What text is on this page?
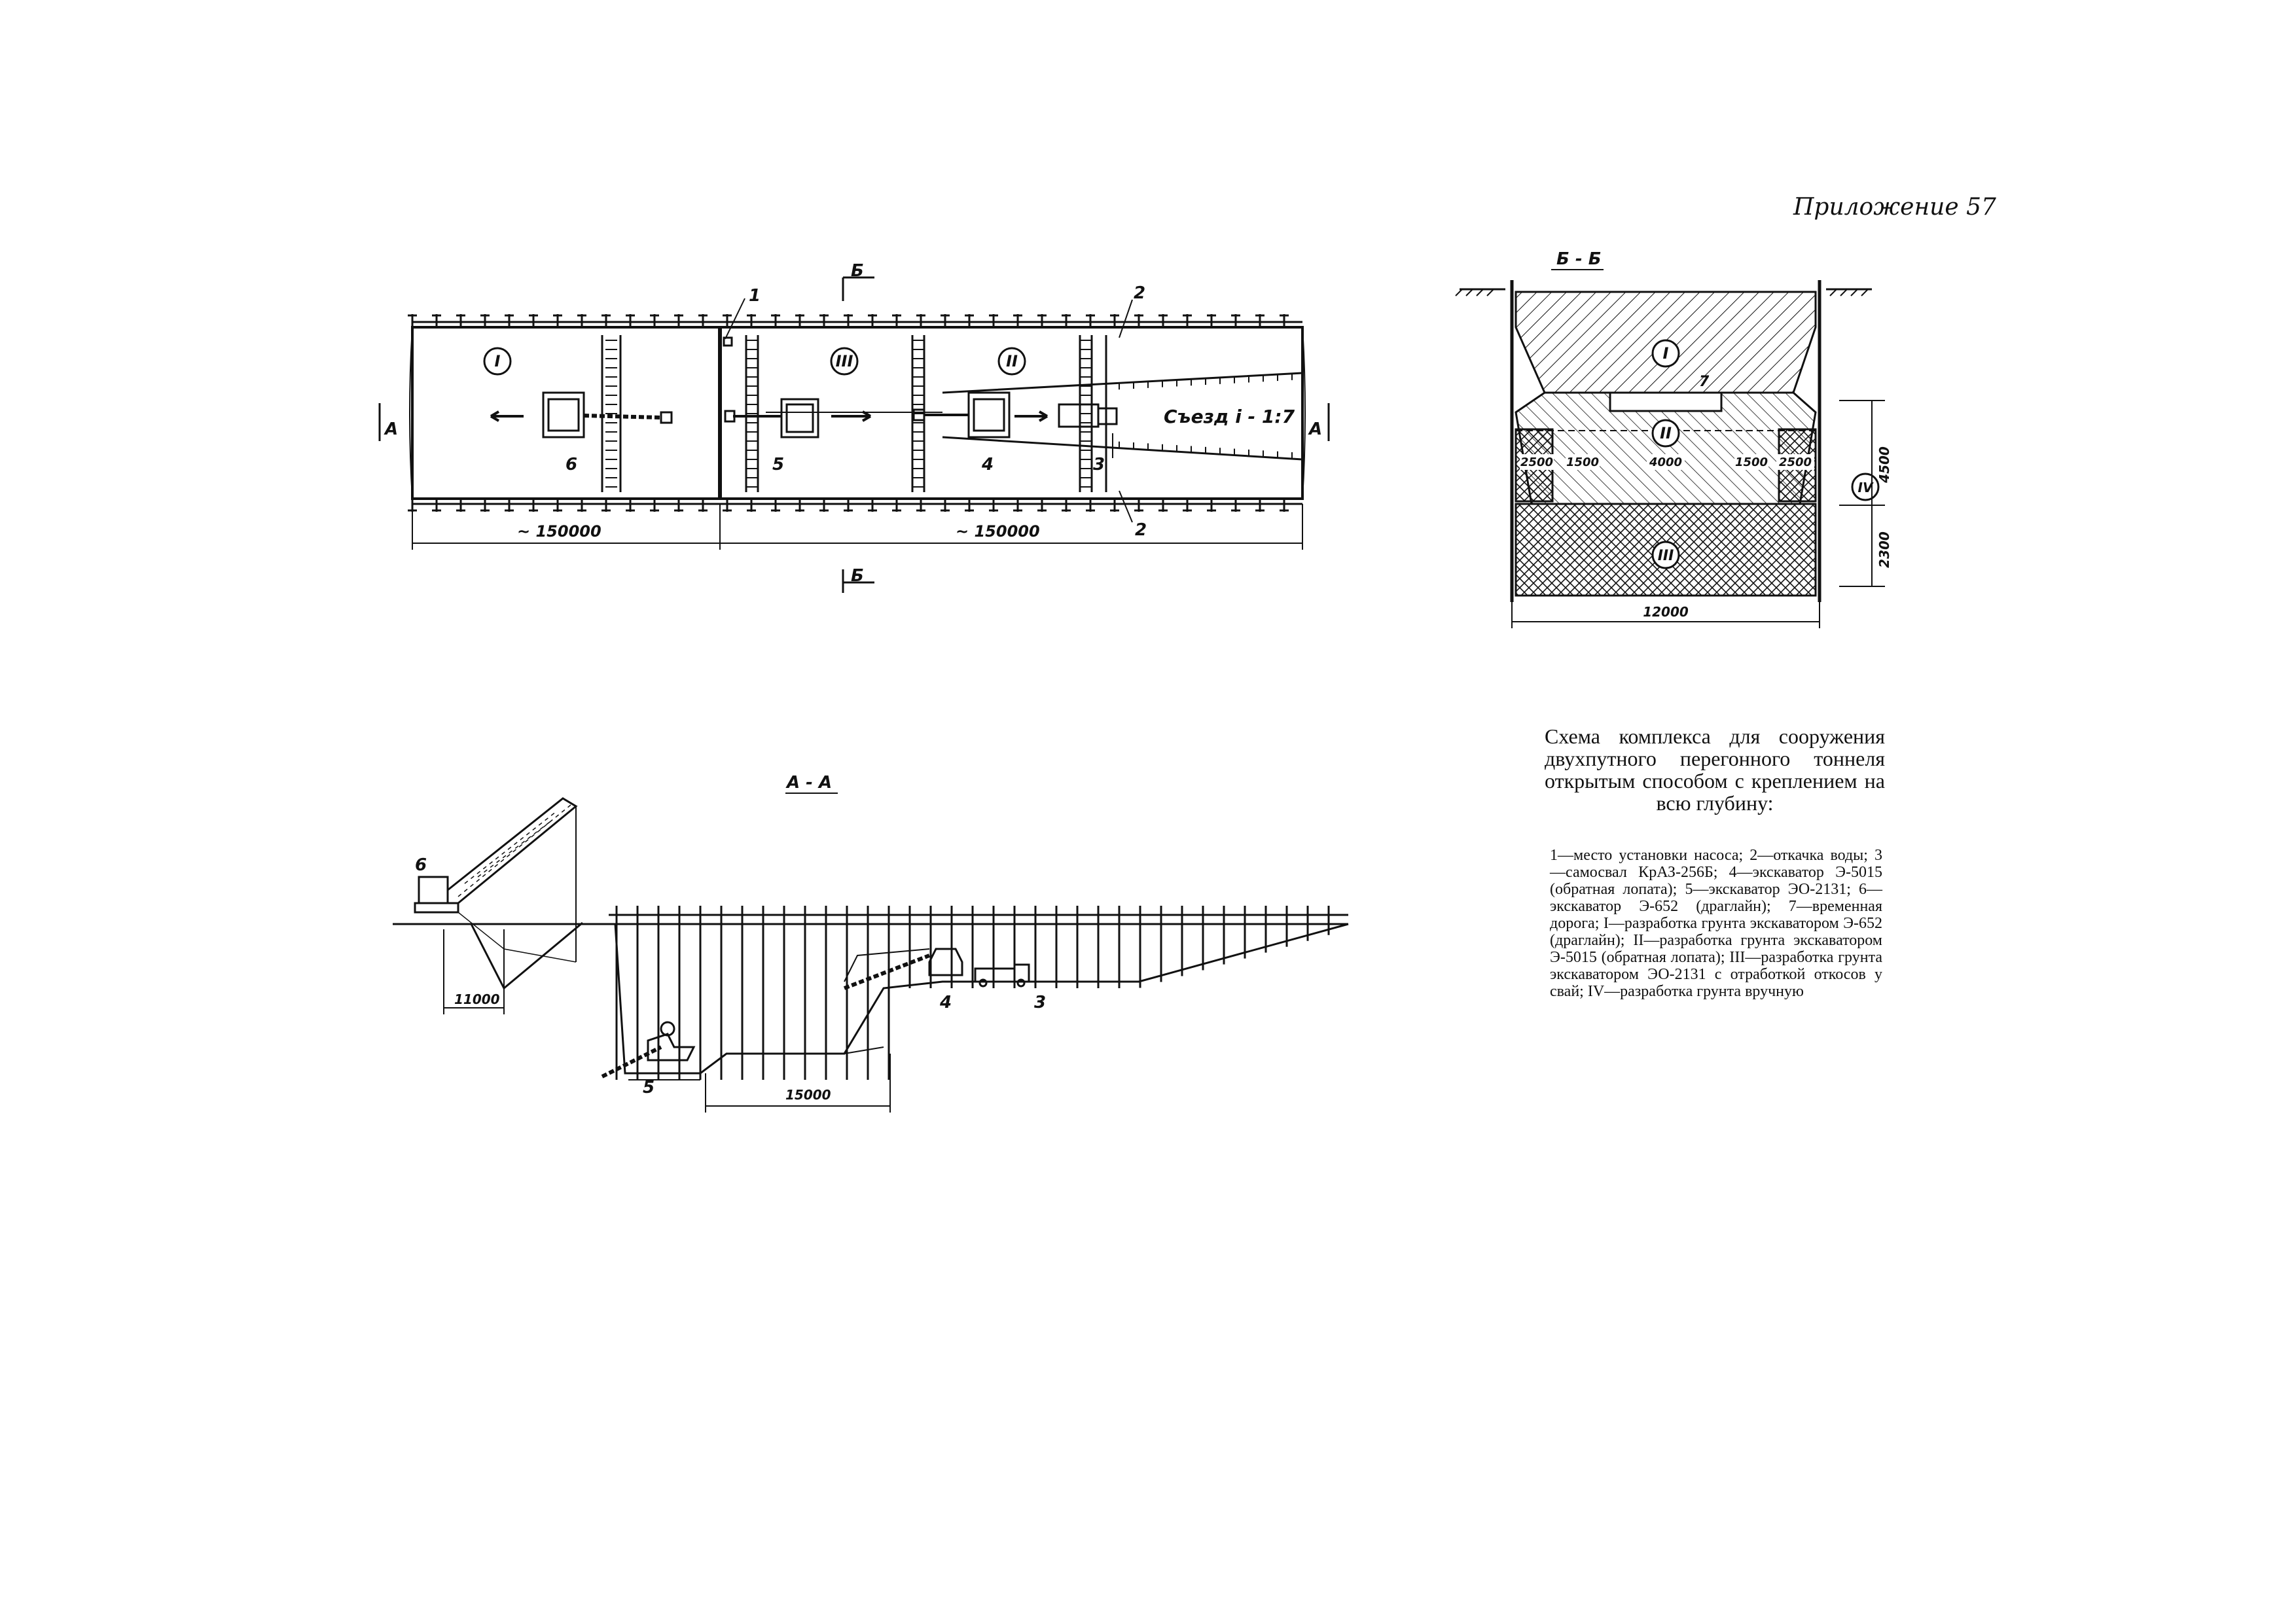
Приложение 57
I	III	II
1	2
2
3
4
5
6
Съезд i - 1:7
А	А
Б
Б
~ 150000	~ 150000
Б - Б
I
7
II
III
IV
2500 1500	4000	1500 2500	4500
2300
12000
А - А
6
5
4	3
11000
15000
Схема комплекса для сооружения двухпутного перегонного тоннеля открытым способом с креплением на всю глубину:
1—место установки насоса; 2—откачка воды; 3—самосвал КрАЗ-256Б; 4—экскаватор Э-5015 (обратная лопата); 5—экскаватор ЭО-2131; 6—экскаватор Э-652 (драглайн); 7—временная дорога; I—разработка грунта экскаватором Э-652 (драглайн); II—разработка грунта экскаватором Э-5015 (обратная лопата); III—разработка грунта экскаватором ЭО-2131 с отработкой откосов у свай; IV—разработка грунта вручную
